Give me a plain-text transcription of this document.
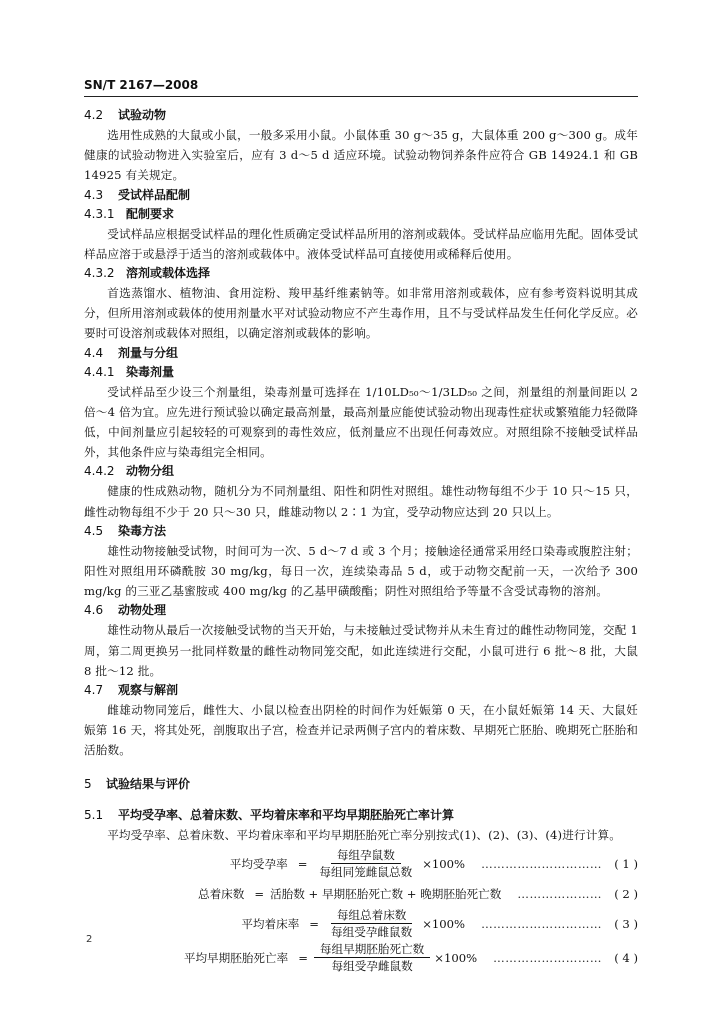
SN/T 2167—2008
4.2 试验动物
选用性成熟的大鼠或小鼠，一般多采用小鼠。小鼠体重 30 g～35 g，大鼠体重 200 g～300 g。成年健康的试验动物进入实验室后，应有 3 d～5 d 适应环境。试验动物饲养条件应符合 GB 14924.1 和 GB 14925 有关规定。
4.3 受试样品配制
4.3.1 配制要求
受试样品应根据受试样品的理化性质确定受试样品所用的溶剂或载体。受试样品应临用先配。固体受试样品应溶于或悬浮于适当的溶剂或载体中。液体受试样品可直接使用或稀释后使用。
4.3.2 溶剂或载体选择
首选蒸馏水、植物油、食用淀粉、羧甲基纤维素钠等。如非常用溶剂或载体，应有参考资料说明其成分，但所用溶剂或载体的使用剂量水平对试验动物应不产生毒作用，且不与受试样品发生任何化学反应。必要时可设溶剂或载体对照组，以确定溶剂或载体的影响。
4.4 剂量与分组
4.4.1 染毒剂量
受试样品至少设三个剂量组，染毒剂量可选择在 1/10LD₅₀～1/3LD₅₀ 之间，剂量组的剂量间距以 2 倍～4 倍为宜。应先进行预试验以确定最高剂量，最高剂量应能使试验动物出现毒性症状或繁殖能力轻微降低，中间剂量应引起较轻的可观察到的毒性效应，低剂量应不出现任何毒效应。对照组除不接触受试样品外，其他条件应与染毒组完全相同。
4.4.2 动物分组
健康的性成熟动物，随机分为不同剂量组、阳性和阴性对照组。雄性动物每组不少于 10 只～15 只，雌性动物每组不少于 20 只～30 只，雌雄动物以 2∶1 为宜，受孕动物应达到 20 只以上。
4.5 染毒方法
雄性动物接触受试物，时间可为一次、5 d～7 d 或 3 个月；接触途径通常采用经口染毒或腹腔注射；阳性对照组用环磷酰胺 30 mg/kg，每日一次，连续染毒品 5 d，或于动物交配前一天，一次给予 300 mg/kg 的三亚乙基蜜胺或 400 mg/kg 的乙基甲磺酸酯；阴性对照组给予等量不含受试毒物的溶剂。
4.6 动物处理
雄性动物从最后一次接触受试物的当天开始，与未接触过受试物并从未生育过的雌性动物同笼，交配 1 周，第二周更换另一批同样数量的雌性动物同笼交配，如此连续进行交配，小鼠可进行 6 批～8 批，大鼠 8 批～12 批。
4.7 观察与解剖
雌雄动物同笼后，雌性大、小鼠以检查出阴栓的时间作为妊娠第 0 天，在小鼠妊娠第 14 天、大鼠妊娠第 16 天，将其处死，剖腹取出子宫，检查并记录两侧子宫内的着床数、早期死亡胚胎、晚期死亡胚胎和活胎数。
5 试验结果与评价
5.1 平均受孕率、总着床数、平均着床率和平均早期胚胎死亡率计算
平均受孕率、总着床数、平均着床率和平均早期胚胎死亡率分别按式(1)、(2)、(3)、(4)进行计算。
平均受孕率 = $\frac{\text{每组孕鼠数}}{\text{每组同笼雌鼠总数}} \times 100\%$ …………………………	( 1 )
总着床数 = 活胎数 + 早期胚胎死亡数 + 晚期胚胎死亡数 …………………	( 2 )
平均着床率 = $\frac{\text{每组总着床数}}{\text{每组受孕雌鼠数}} \times 100\%$ …………………………	( 3 )
平均早期胚胎死亡率 = $\frac{\text{每组早期胚胎死亡数}}{\text{每组受孕雌鼠数}} \times 100\%$ ………………………	( 4 )
2
